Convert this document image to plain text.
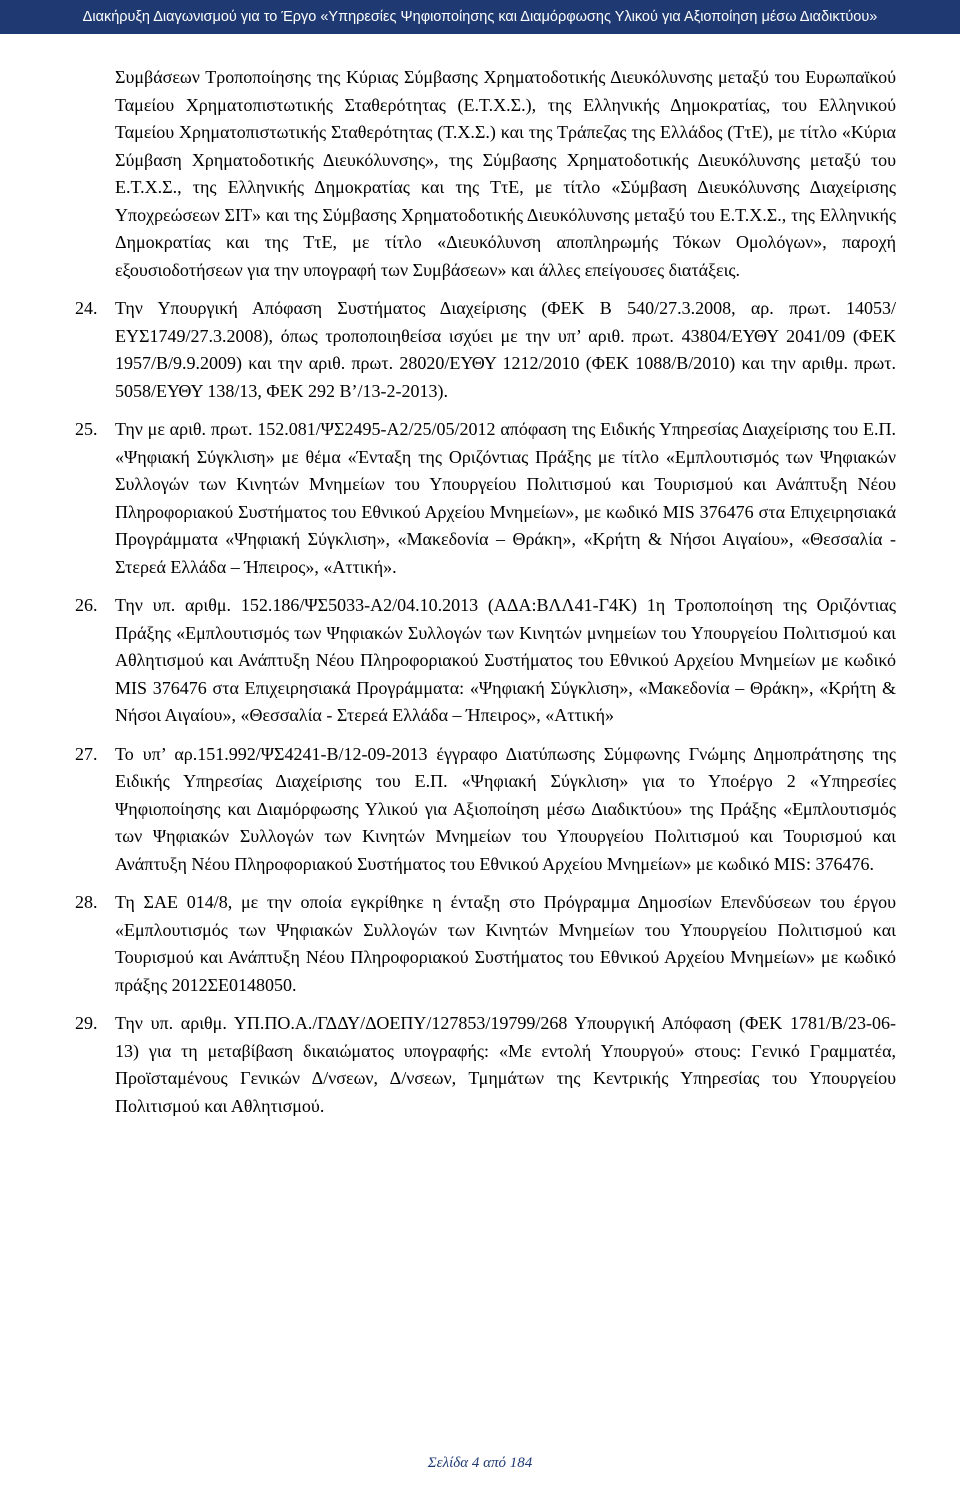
Διακήρυξη Διαγωνισμού για το Έργο «Υπηρεσίες Ψηφιοποίησης και Διαμόρφωσης Υλικού για Αξιοποίηση μέσω Διαδικτύου»

Συμβάσεων Τροποποίησης της Κύριας Σύμβασης Χρηματοδοτικής Διευκόλυνσης μεταξύ του Ευρωπαϊκού Ταμείου Χρηματοπιστωτικής Σταθερότητας (Ε.Τ.Χ.Σ.), της Ελληνικής Δημοκρατίας, του Ελληνικού Ταμείου Χρηματοπιστωτικής Σταθερότητας (Τ.Χ.Σ.) και της Τράπεζας της Ελλάδος (ΤτΕ), με τίτλο «Κύρια Σύμβαση Χρηματοδοτικής Διευκόλυνσης», της Σύμβασης Χρηματοδοτικής Διευκόλυνσης μεταξύ του Ε.Τ.Χ.Σ., της Ελληνικής Δημοκρατίας και της ΤτΕ, με τίτλο «Σύμβαση Διευκόλυνσης Διαχείρισης Υποχρεώσεων ΣΙΤ» και της Σύμβασης Χρηματοδοτικής Διευκόλυνσης μεταξύ του Ε.Τ.Χ.Σ., της Ελληνικής Δημοκρατίας και της ΤτΕ, με τίτλο «Διευκόλυνση αποπληρωμής Τόκων Ομολόγων», παροχή εξουσιοδοτήσεων για την υπογραφή των Συμβάσεων» και άλλες επείγουσες διατάξεις.

24. Την Υπουργική Απόφαση Συστήματος Διαχείρισης (ΦΕΚ Β 540/27.3.2008, αρ. πρωτ. 14053/ΕΥΣ1749/27.3.2008), όπως τροποποιηθείσα ισχύει με την υπ’ αριθ. πρωτ. 43804/ΕΥΘΥ 2041/09 (ΦΕΚ 1957/Β/9.9.2009) και την αριθ. πρωτ. 28020/ΕΥΘΥ 1212/2010 (ΦΕΚ 1088/Β/2010) και την αριθμ. πρωτ. 5058/ΕΥΘΥ 138/13, ΦΕΚ 292 Β’/13-2-2013).
25. Την με αριθ. πρωτ. 152.081/ΨΣ2495-Α2/25/05/2012 απόφαση της Ειδικής Υπηρεσίας Διαχείρισης του Ε.Π. «Ψηφιακή Σύγκλιση» με θέμα «Ένταξη της Οριζόντιας Πράξης με τίτλο «Εμπλουτισμός των Ψηφιακών Συλλογών των Κινητών Μνημείων του Υπουργείου Πολιτισμού και Τουρισμού και Ανάπτυξη Νέου Πληροφοριακού Συστήματος του Εθνικού Αρχείου Μνημείων», με κωδικό MIS 376476 στα Επιχειρησιακά Προγράμματα «Ψηφιακή Σύγκλιση», «Μακεδονία – Θράκη», «Κρήτη & Νήσοι Αιγαίου», «Θεσσαλία - Στερεά Ελλάδα – Ήπειρος», «Αττική».
26. Την υπ. αριθμ. 152.186/ΨΣ5033-Α2/04.10.2013 (ΑΔΑ:ΒΛΛ41-Γ4Κ) 1η Τροποποίηση της Οριζόντιας Πράξης «Εμπλουτισμός των Ψηφιακών Συλλογών των Κινητών μνημείων του Υπουργείου Πολιτισμού και Αθλητισμού και Ανάπτυξη Νέου Πληροφοριακού Συστήματος του Εθνικού Αρχείου Μνημείων με κωδικό MIS 376476 στα Επιχειρησιακά Προγράμματα: «Ψηφιακή Σύγκλιση», «Μακεδονία – Θράκη», «Κρήτη & Νήσοι Αιγαίου», «Θεσσαλία - Στερεά Ελλάδα – Ήπειρος», «Αττική»
27. Το υπ’ αρ.151.992/ΨΣ4241-Β/12-09-2013 έγγραφο Διατύπωσης Σύμφωνης Γνώμης Δημοπράτησης της Ειδικής Υπηρεσίας Διαχείρισης του Ε.Π. «Ψηφιακή Σύγκλιση» για το Υποέργο 2 «Υπηρεσίες Ψηφιοποίησης και Διαμόρφωσης Υλικού για Αξιοποίηση μέσω Διαδικτύου» της Πράξης «Εμπλουτισμός των Ψηφιακών Συλλογών των Κινητών Μνημείων του Υπουργείου Πολιτισμού και Τουρισμού και Ανάπτυξη Νέου Πληροφοριακού Συστήματος του Εθνικού Αρχείου Μνημείων» με κωδικό MIS: 376476.
28. Τη ΣΑΕ 014/8, με την οποία εγκρίθηκε η ένταξη στο Πρόγραμμα Δημοσίων Επενδύσεων του έργου «Εμπλουτισμός των Ψηφιακών Συλλογών των Κινητών Μνημείων του Υπουργείου Πολιτισμού και Τουρισμού και Ανάπτυξη Νέου Πληροφοριακού Συστήματος του Εθνικού Αρχείου Μνημείων» με κωδικό πράξης 2012ΣΕ0148050.
29. Την υπ. αριθμ. ΥΠ.ΠΟ.Α./ΓΔΔΥ/ΔΟΕΠΥ/127853/19799/268 Υπουργική Απόφαση (ΦΕΚ 1781/Β/23-06-13) για τη μεταβίβαση δικαιώματος υπογραφής: «Με εντολή Υπουργού» στους: Γενικό Γραμματέα, Προϊσταμένους Γενικών Δ/νσεων, Δ/νσεων, Τμημάτων της Κεντρικής Υπηρεσίας του Υπουργείου Πολιτισμού και Αθλητισμού.
Σελίδα 4 από 184
